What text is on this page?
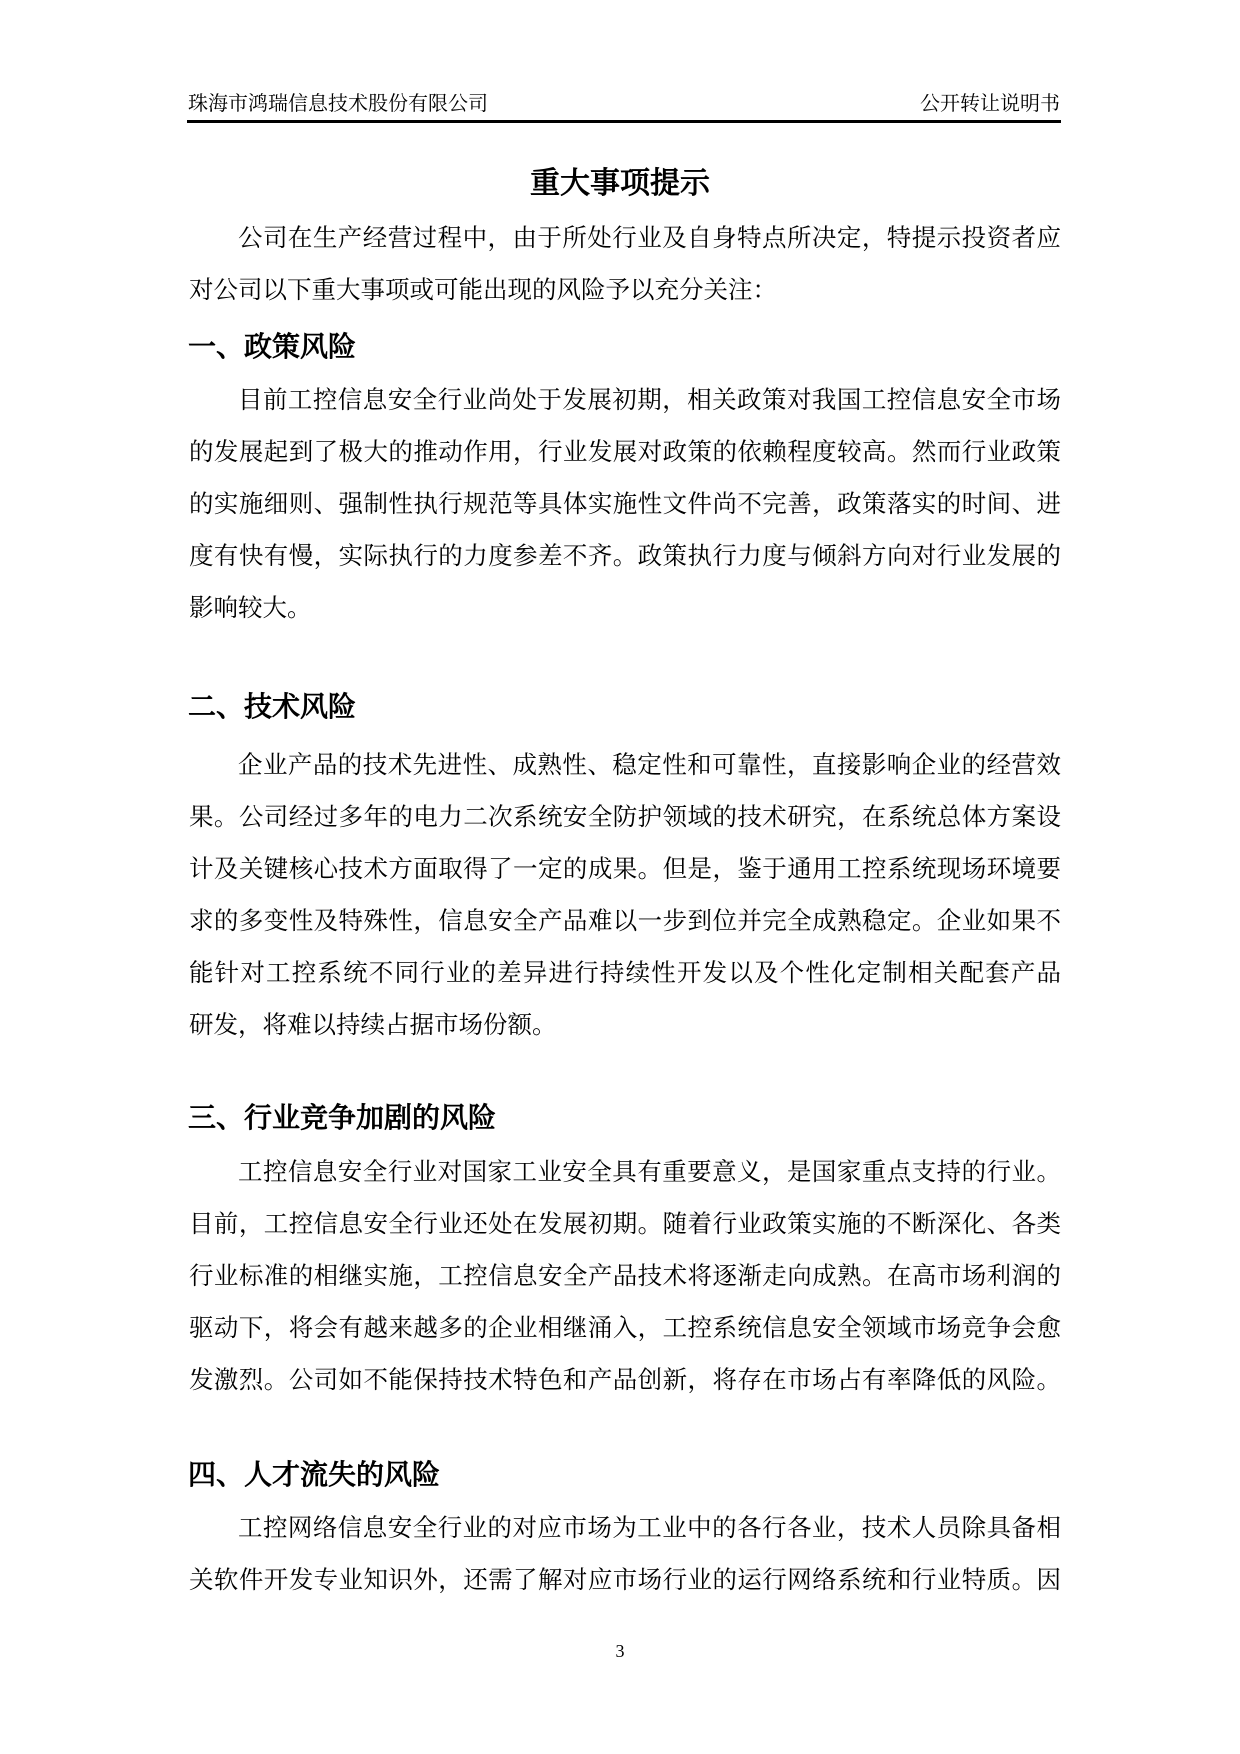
珠海市鸿瑞信息技术股份有限公司	公开转让说明书
重大事项提示
公司在生产经营过程中，由于所处行业及自身特点所决定，特提示投资者应
对公司以下重大事项或可能出现的风险予以充分关注：
一、政策风险
目前工控信息安全行业尚处于发展初期，相关政策对我国工控信息安全市场
的发展起到了极大的推动作用，行业发展对政策的依赖程度较高。然而行业政策
的实施细则、强制性执行规范等具体实施性文件尚不完善，政策落实的时间、进
度有快有慢，实际执行的力度参差不齐。政策执行力度与倾斜方向对行业发展的
影响较大。
二、技术风险
企业产品的技术先进性、成熟性、稳定性和可靠性，直接影响企业的经营效
果。公司经过多年的电力二次系统安全防护领域的技术研究，在系统总体方案设
计及关键核心技术方面取得了一定的成果。但是，鉴于通用工控系统现场环境要
求的多变性及特殊性，信息安全产品难以一步到位并完全成熟稳定。企业如果不
能针对工控系统不同行业的差异进行持续性开发以及个性化定制相关配套产品
研发，将难以持续占据市场份额。
三、行业竞争加剧的风险
工控信息安全行业对国家工业安全具有重要意义，是国家重点支持的行业。
目前，工控信息安全行业还处在发展初期。随着行业政策实施的不断深化、各类
行业标准的相继实施，工控信息安全产品技术将逐渐走向成熟。在高市场利润的
驱动下，将会有越来越多的企业相继涌入，工控系统信息安全领域市场竞争会愈
发激烈。公司如不能保持技术特色和产品创新，将存在市场占有率降低的风险。
四、人才流失的风险
工控网络信息安全行业的对应市场为工业中的各行各业，技术人员除具备相
关软件开发专业知识外，还需了解对应市场行业的运行网络系统和行业特质。因
3
